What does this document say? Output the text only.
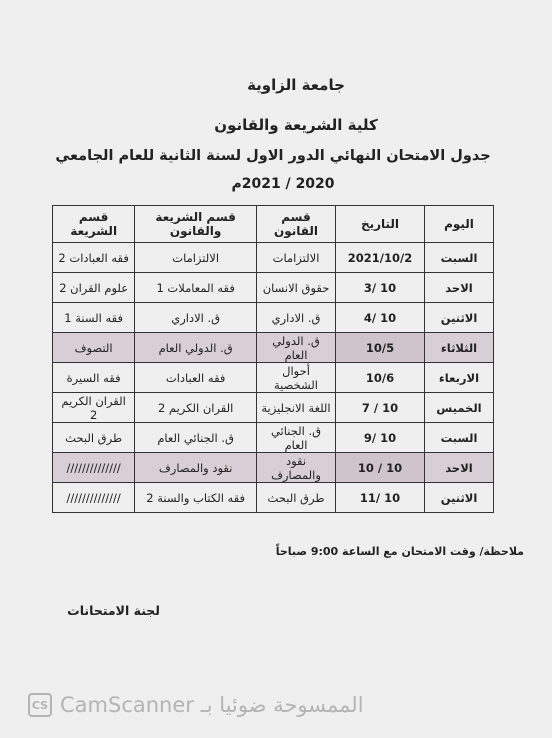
جامعة الزاوية
كلية الشريعة والقانون
جدول الامتحان النهائي الدور الاول لسنة الثانية للعام الجامعي
2020 / 2021م
اليوم	التاريخ	قسم القانون	قسم الشريعة والقانون	قسم الشريعة
السبت	2021/10/2	الالتزامات	الالتزامات	فقه العبادات 2
الاحد	10 /3	حقوق الانسان	فقه المعاملات 1	علوم القران 2
الاثنين	10 /4	ق. الاداري	ق. الاداري	فقه السنة 1
الثلاثاء	10/5	ق. الدولي العام	ق. الدولي العام	التصوف
الاربعاء	10/6	أحوال الشخصية	فقه العبادات	فقه السيرة
الخميس	10 / 7	اللغة الانجليزية	القران الكريم 2	القران الكريم 2
السبت	10 /9	ق. الجنائي العام	ق. الجنائي العام	طرق البحث
الاحد	10 / 10	نقود والمصارف	نقود والمصارف	//////////////
الاثنين	10 /11	طرق البحث	فقه الكتاب والسنة 2	//////////////
ملاحظة/ وقت الامتحان مع الساعة 9:00 صباحاً
لجنة الامتحانات
CS الممسوحة ضوئيا بـ CamScanner
